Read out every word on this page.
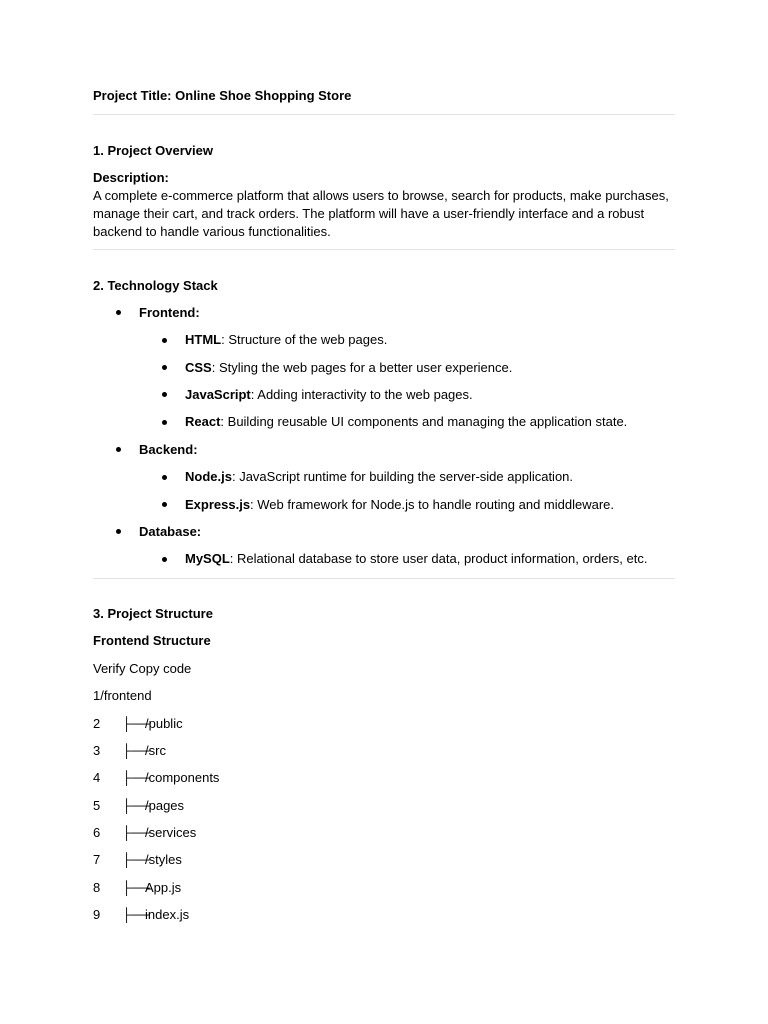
Project Title: Online Shoe Shopping Store
1. Project Overview
Description:
A complete e-commerce platform that allows users to browse, search for products, make purchases, manage their cart, and track orders. The platform will have a user-friendly interface and a robust backend to handle various functionalities.
2. Technology Stack
Frontend:
HTML: Structure of the web pages.
CSS: Styling the web pages for a better user experience.
JavaScript: Adding interactivity to the web pages.
React: Building reusable UI components and managing the application state.
Backend:
Node.js: JavaScript runtime for building the server-side application.
Express.js: Web framework for Node.js to handle routing and middleware.
Database:
MySQL: Relational database to store user data, product information, orders, etc.
3. Project Structure
Frontend Structure
Verify Copy code
1/frontend
2 ├──
/public
3 ├──
/src
4 ├──
/components
5 ├──
/pages
6 ├──
/services
7 ├──
/styles
8 ├──
App.js
9 ├──
index.js
